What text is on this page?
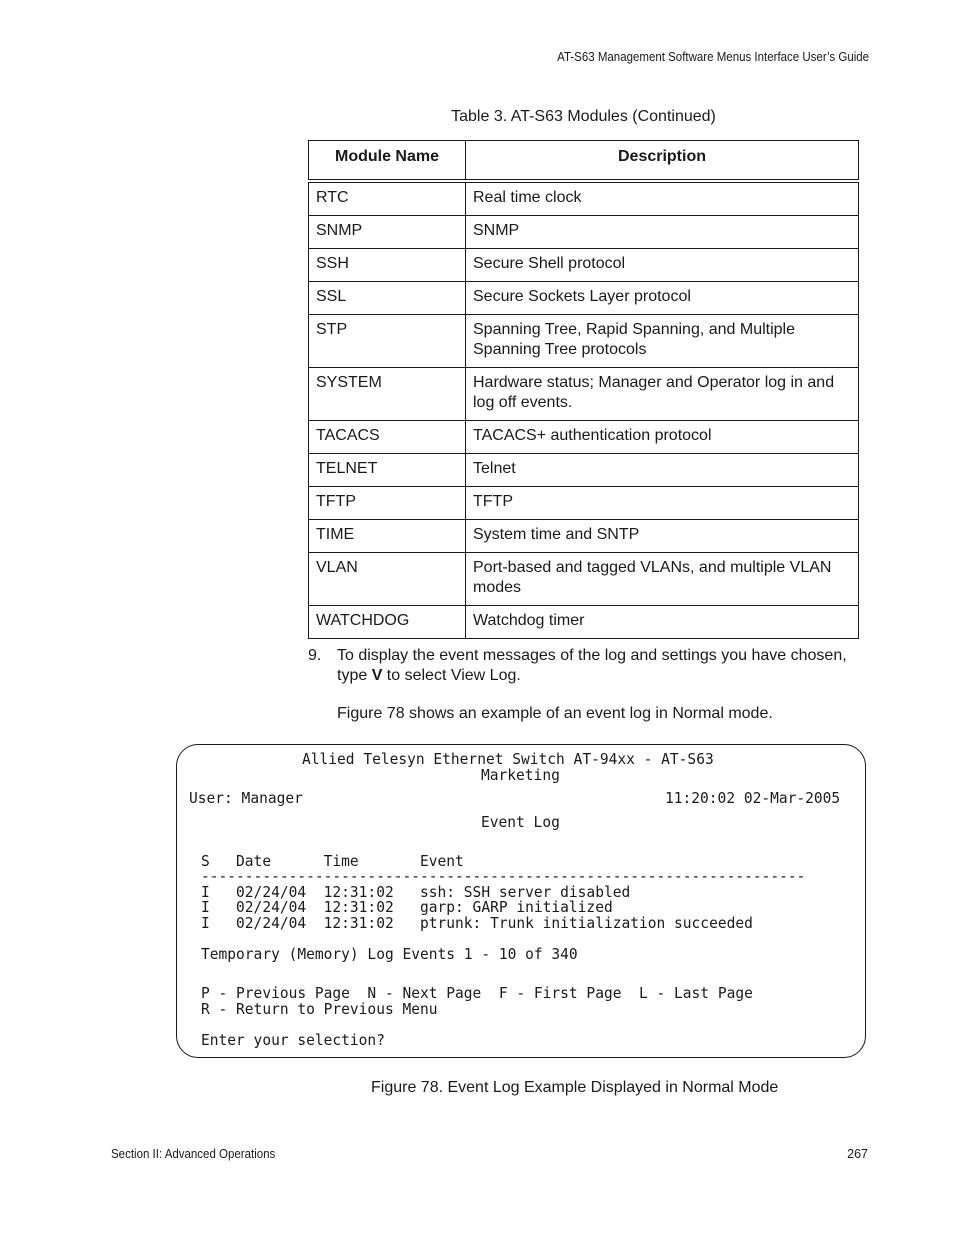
AT-S63 Management Software Menus Interface User’s Guide
Table 3. AT-S63 Modules (Continued)
Module Name	Description
RTC	Real time clock
SNMP	SNMP
SSH	Secure Shell protocol
SSL	Secure Sockets Layer protocol
STP	Spanning Tree, Rapid Spanning, and Multiple Spanning Tree protocols
SYSTEM	Hardware status; Manager and Operator log in and log off events.
TACACS	TACACS+ authentication protocol
TELNET	Telnet
TFTP	TFTP
TIME	System time and SNTP
VLAN	Port-based and tagged VLANs, and multiple VLAN modes
WATCHDOG	Watchdog timer
9. To display the event messages of the log and settings you have chosen, type V to select View Log.
Figure 78 shows an example of an event log in Normal mode.
Allied Telesyn Ethernet Switch AT-94xx - AT-S63
Marketing
User: Manager	11:20:02 02-Mar-2005
Event Log
S   Date      Time       Event
---------------------------------------------------------------------
I   02/24/04  12:31:02   ssh: SSH server disabled
I   02/24/04  12:31:02   garp: GARP initialized
I   02/24/04  12:31:02   ptrunk: Trunk initialization succeeded
Temporary (Memory) Log Events 1 - 10 of 340
P - Previous Page  N - Next Page  F - First Page  L - Last Page
R - Return to Previous Menu
Enter your selection?
Figure 78. Event Log Example Displayed in Normal Mode
Section II: Advanced Operations	267
